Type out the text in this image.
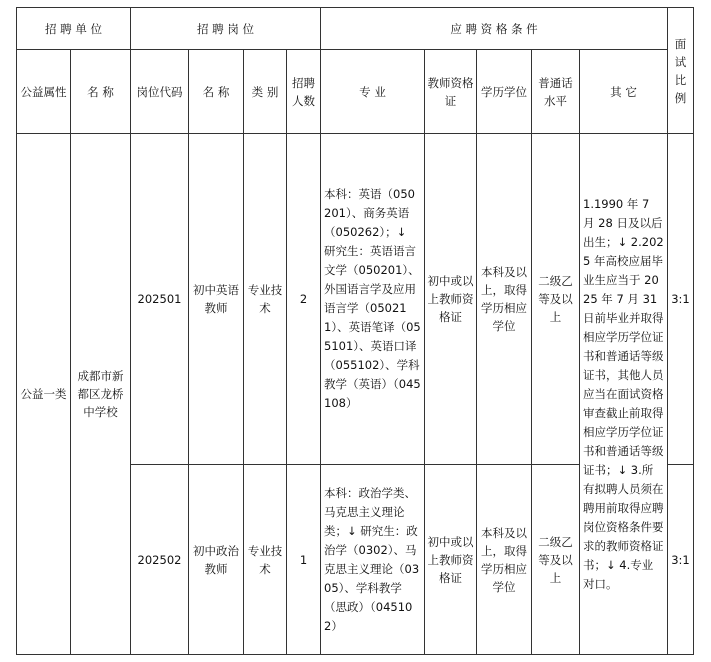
招 聘 单 位		招 聘 岗 位				应 聘 资 格 条 件					面试比例
公益属性	名 称	岗位代码	名 称	类 别	招聘人数	专 业	教师资格证	学历学位	普通话水平	其 它	
公益一类	成都市新都区龙桥中学校	202501	初中英语教师	专业技术	2	本科：英语（050201）、商务英语（050262）；↓ 研究生：英语语言文学（050201）、外国语言学及应用语言学（050211）、英语笔译（055101）、英语口译（055102）、学科教学（英语）（045108）	初中或以上教师资格证	本科及以上，取得学历相应学位	二级乙等及以上	1.1990 年 7 月 28 日及以后出生；↓ 2.2025 年高校应届毕业生应当于 2025 年 7 月 31 日前毕业并取得相应学历学位证书和普通话等级证书，其他人员应当在面试资格审查截止前取得相应学历学位证书和普通话等级证书；↓ 3.所有拟聘人员须在聘用前取得应聘岗位资格条件要求的教师资格证书；↓ 4.专业对口。	3:1
		202502	初中政治教师	专业技术	1	本科：政治学类、马克思主义理论类；↓ 研究生：政治学（0302）、马克思主义理论（0305）、学科教学（思政）（045102）	初中或以上教师资格证	本科及以上，取得学历相应学位	二级乙等及以上		3:1
